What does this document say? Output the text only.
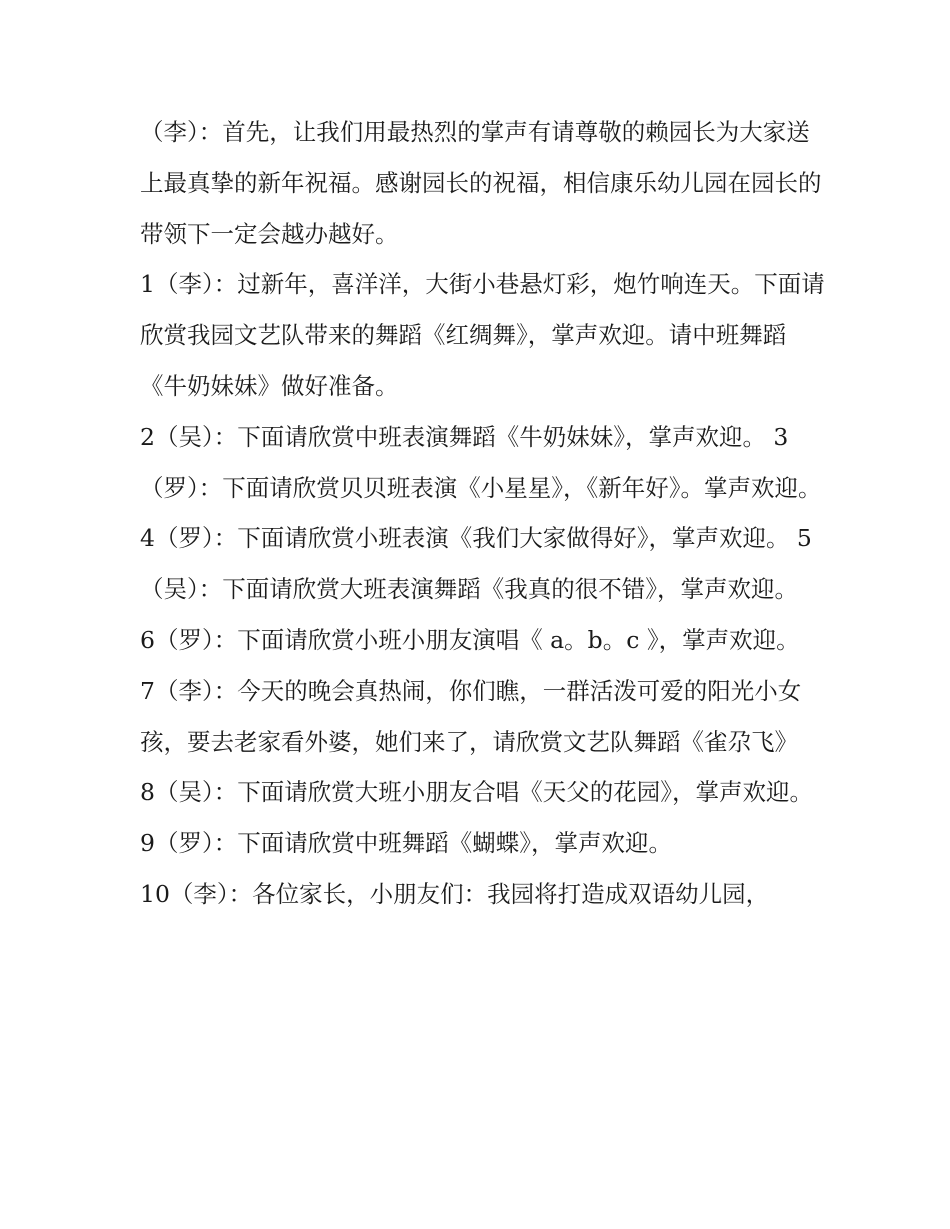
（李）：首先，让我们用最热烈的掌声有请尊敬的赖园长为大家送上最真挚的新年祝福。感谢园长的祝福，相信康乐幼儿园在园长的带领下一定会越办越好。

1（李）：过新年，喜洋洋，大街小巷悬灯彩，炮竹响连天。下面请欣赏我园文艺队带来的舞蹈《红绸舞》，掌声欢迎。请中班舞蹈《牛奶妹妹》做好准备。

2（吴）：下面请欣赏中班表演舞蹈《牛奶妹妹》，掌声欢迎。 3（罗）：下面请欣赏贝贝班表演《小星星》，《新年好》。掌声欢迎。

4（罗）：下面请欣赏小班表演《我们大家做得好》，掌声欢迎。 5（吴）：下面请欣赏大班表演舞蹈《我真的很不错》，掌声欢迎。

6（罗）：下面请欣赏小班小朋友演唱《 a。b。c 》，掌声欢迎。

7（李）：今天的晚会真热闹，你们瞧，一群活泼可爱的阳光小女孩，要去老家看外婆，她们来了，请欣赏文艺队舞蹈《雀尕飞》

8（吴）：下面请欣赏大班小朋友合唱《天父的花园》，掌声欢迎。 9（罗）：下面请欣赏中班舞蹈《蝴蝶》，掌声欢迎。

10（李）：各位家长，小朋友们：我园将打造成双语幼儿园，
